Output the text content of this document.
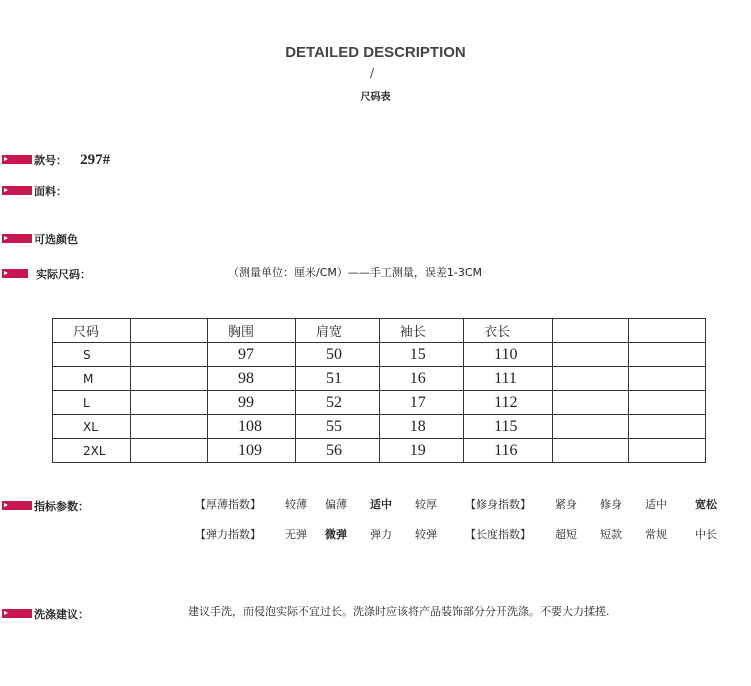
DETAILED DESCRIPTION
/
尺码表
款号： 297#
面料：
可选颜色
实际尺码：	（测量单位：厘米/CM）——手工测量，误差1-3CM
尺码		胸围	肩宽	袖长	衣长		
S		97	50	15	110		
M		98	51	16	111		
L		99	52	17	112		
XL		108	55	18	115		
2XL		109	56	19	116		
指标参数：	【厚薄指数】 较薄 偏薄 适中 较厚	【修身指数】 紧身 修身 适中	宽松
【弹力指数】 无弹 微弹 弹力 较弹	【长度指数】 超短 短款 常规	中长
洗涤建议：	建议手洗，而侵泡实际不宜过长。洗涤时应该将产品装饰部分分开洗涤。不要大力揉搓.
